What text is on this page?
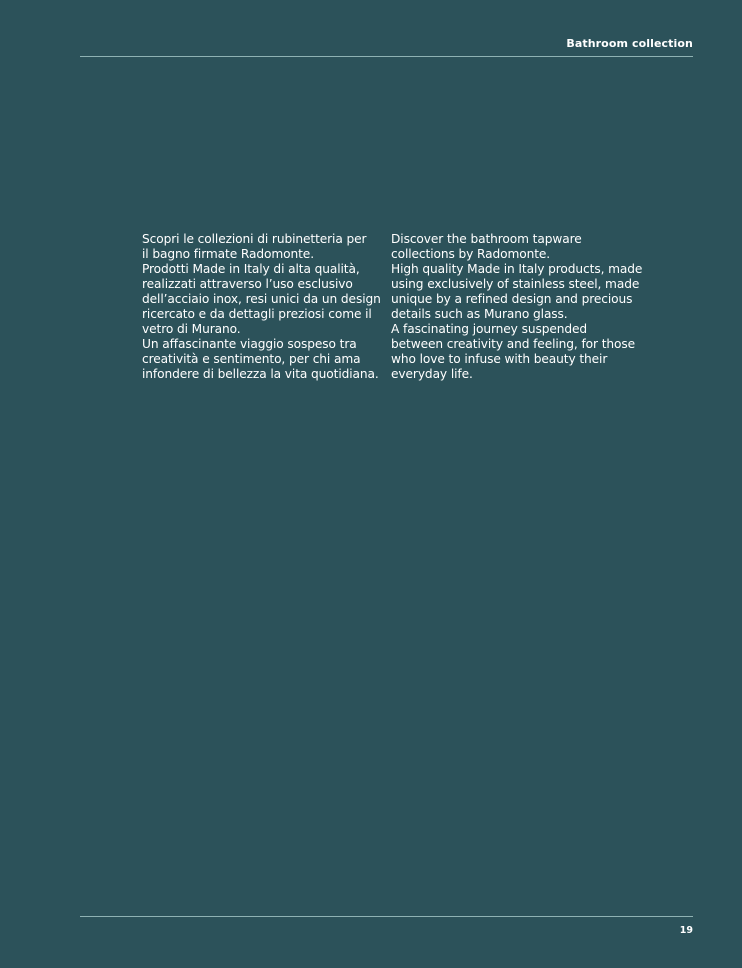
Bathroom collection
Scopri le collezioni di rubinetteria per
il bagno firmate Radomonte.
Prodotti Made in Italy di alta qualità,
realizzati attraverso l’uso esclusivo
dell’acciaio inox, resi unici da un design
ricercato e da dettagli preziosi come il
vetro di Murano.
Un affascinante viaggio sospeso tra
creatività e sentimento, per chi ama
infondere di bellezza la vita quotidiana.
Discover the bathroom tapware
collections by Radomonte.
High quality Made in Italy products, made
using exclusively of stainless steel, made
unique by a refined design and precious
details such as Murano glass.
A fascinating journey suspended
between creativity and feeling, for those
who love to infuse with beauty their
everyday life.
19
